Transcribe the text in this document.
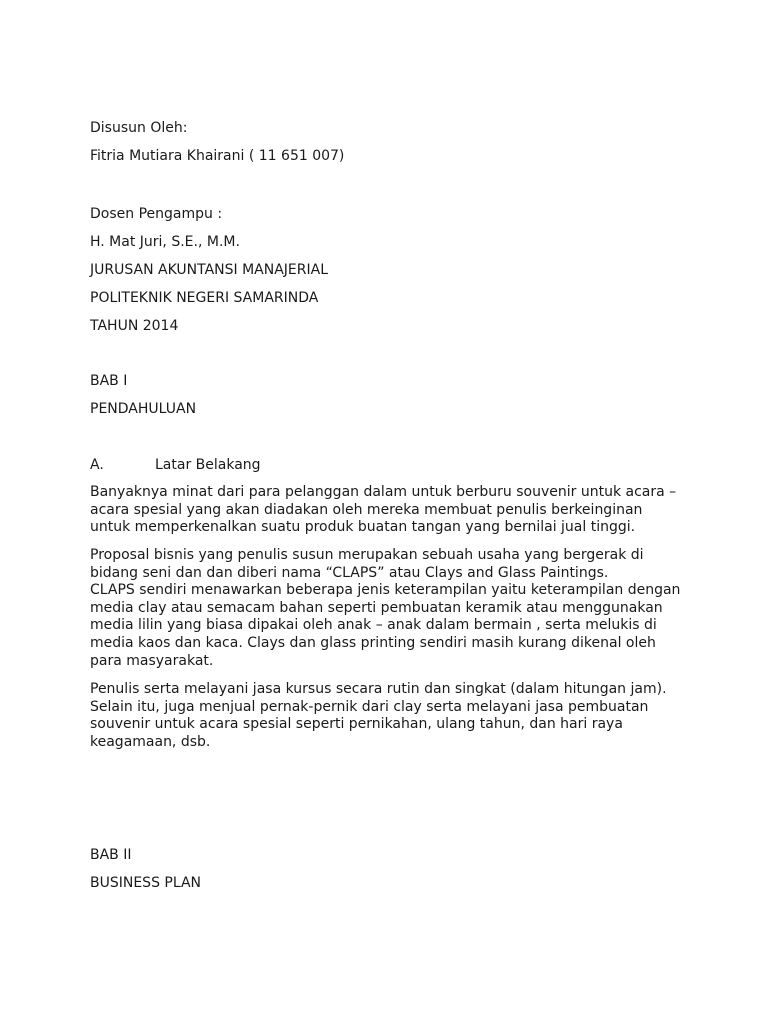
Disusun Oleh:

Fitria Mutiara Khairani ( 11 651 007)

Dosen Pengampu :

H. Mat Juri, S.E., M.M.

JURUSAN AKUNTANSI MANAJERIAL

POLITEKNIK NEGERI SAMARINDA

TAHUN 2014

BAB I

PENDAHULUAN

A.	Latar Belakang

Banyaknya minat dari para pelanggan dalam untuk berburu souvenir untuk acara –
acara spesial yang akan diadakan oleh mereka membuat penulis berkeinginan
untuk memperkenalkan suatu produk buatan tangan yang bernilai jual tinggi.

Proposal bisnis yang penulis susun merupakan sebuah usaha yang bergerak di
bidang seni dan dan diberi nama “CLAPS” atau Clays and Glass Paintings.
CLAPS sendiri menawarkan beberapa jenis keterampilan yaitu keterampilan dengan
media clay atau semacam bahan seperti pembuatan keramik atau menggunakan
media lilin yang biasa dipakai oleh anak – anak dalam bermain , serta melukis di
media kaos dan kaca. Clays dan glass printing sendiri masih kurang dikenal oleh
para masyarakat.

Penulis serta melayani jasa kursus secara rutin dan singkat (dalam hitungan jam).
Selain itu, juga menjual pernak-pernik dari clay serta melayani jasa pembuatan
souvenir untuk acara spesial seperti pernikahan, ulang tahun, dan hari raya
keagamaan, dsb.

BAB II

BUSINESS PLAN
